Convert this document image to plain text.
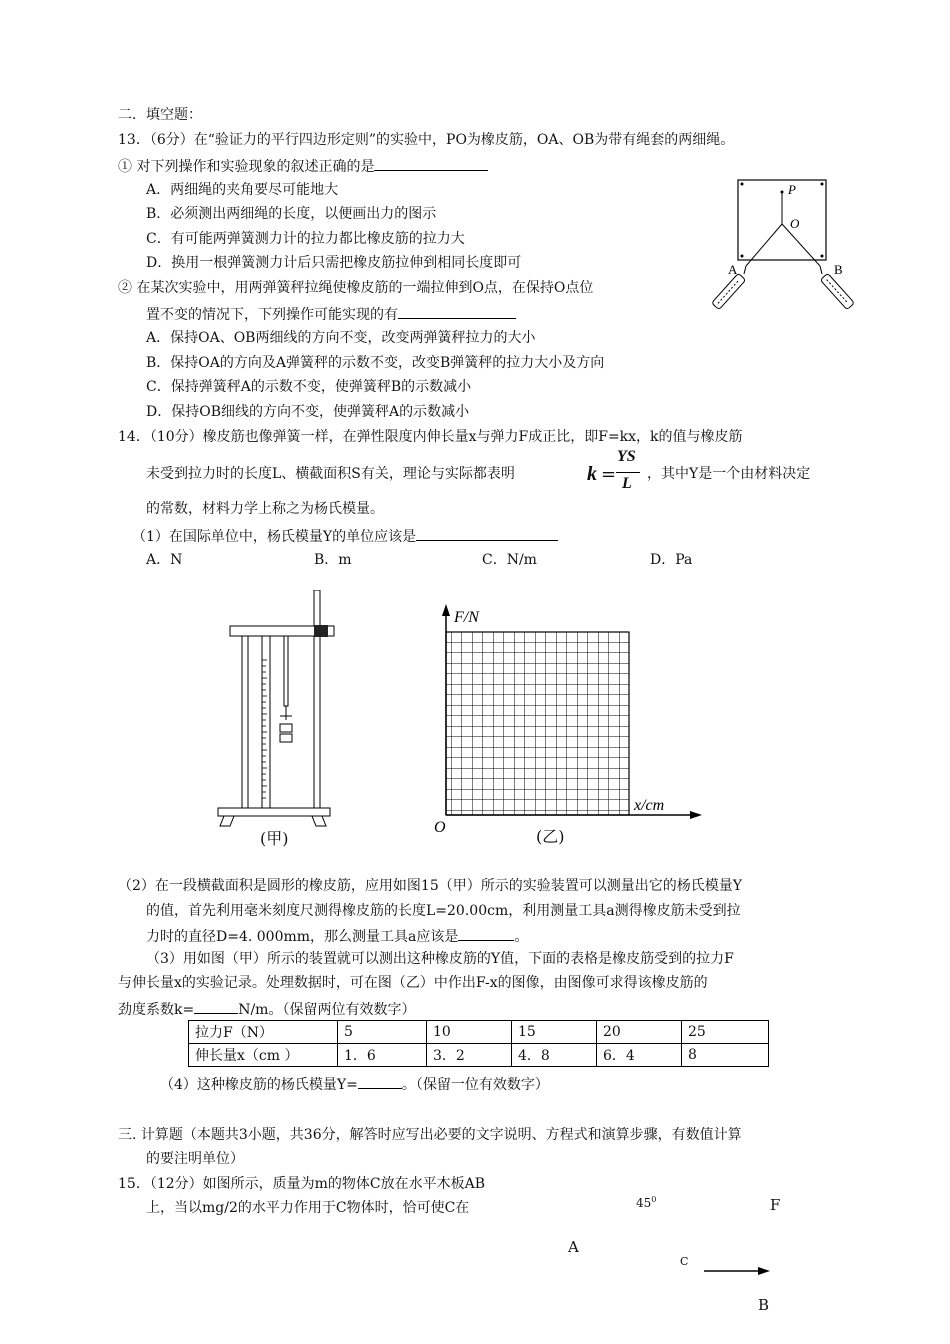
二．填空题：
13．（6分）在“验证力的平行四边形定则”的实验中，PO为橡皮筋，OA、OB为带有绳套的两细绳。
① 对下列操作和实验现象的叙述正确的是
A．两细绳的夹角要尽可能地大
B．必须测出两细绳的长度，以便画出力的图示
C．有可能两弹簧测力计的拉力都比橡皮筋的拉力大
D．换用一根弹簧测力计后只需把橡皮筋拉伸到相同长度即可
② 在某次实验中，用两弹簧秤拉绳使橡皮筋的一端拉伸到O点，在保持O点位
置不变的情况下，下列操作可能实现的有
A．保持OA、OB两细线的方向不变，改变两弹簧秤拉力的大小
B．保持OA的方向及A弹簧秤的示数不变，改变B弹簧秤的拉力大小及方向
C．保持弹簧秤A的示数不变，使弹簧秤B的示数减小
D．保持OB细线的方向不变，使弹簧秤A的示数减小
P
O
A	B
14．（10分）橡皮筋也像弹簧一样，在弹性限度内伸长量x与弹力F成正比，即F=kx，k的值与橡皮筋
未受到拉力时的长度L、横截面积S有关，理论与实际都表明	k =
YS
L
，其中Y是一个由材料决定
的常数，材料力学上称之为杨氏模量。
（1）在国际单位中，杨氏模量Y的单位应该是
A．N	B．m	C．N/m	D．Pa
(甲)
F/N
x/cm
O	(乙)
（2）在一段横截面积是圆形的橡皮筋，应用如图15（甲）所示的实验装置可以测量出它的杨氏模量Y
的值，首先利用毫米刻度尺测得橡皮筋的长度L=20.00cm，利用测量工具a测得橡皮筋未受到拉
力时的直径D=4. 000mm，那么测量工具a应该是	。
（3）用如图（甲）所示的装置就可以测出这种橡皮筋的Y值，下面的表格是橡皮筋受到的拉力F
与伸长量x的实验记录。处理数据时，可在图（乙）中作出F-x的图像，由图像可求得该橡皮筋的
劲度系数k=	N/m。（保留两位有效数字）
拉力F（N）	5	10	15	20	25
伸长量x（cm ）	1．6	3．2	4．8	6．4	8
（4）这种橡皮筋的杨氏模量Y=	。（保留一位有效数字）
三. 计算题（本题共3小题，共36分，解答时应写出必要的文字说明、方程式和演算步骤，有数值计算
的要注明单位）
15．（12分）如图所示，质量为m的物体C放在水平木板AB
上，当以mg/2的水平力作用于C物体时，恰可使C在	$45^0$	F
A
C
B
